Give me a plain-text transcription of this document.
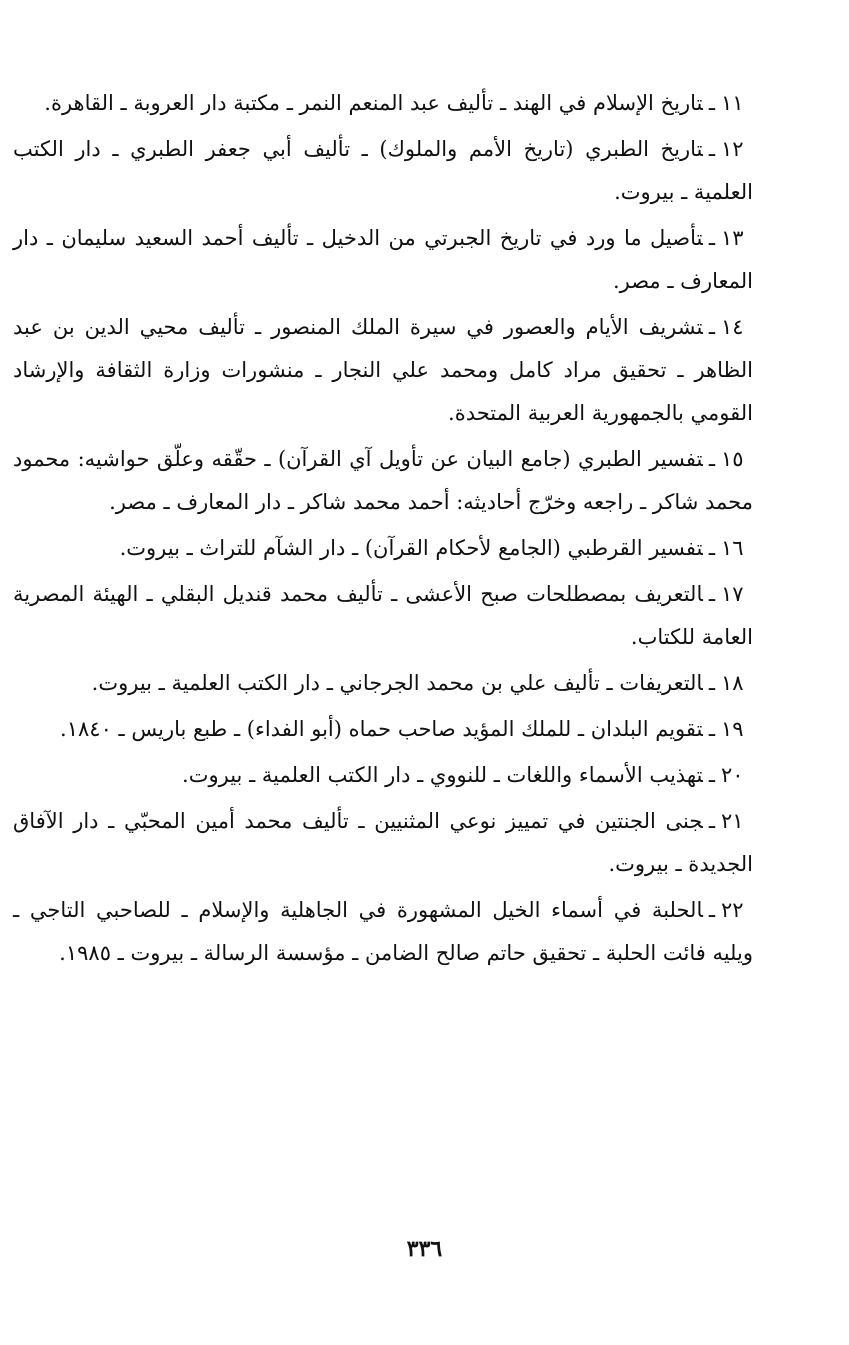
١١ـتاريخ الإسلام في الهند ـ تأليف عبد المنعم النمر ـ مكتبة دار العروبة ـ القاهرة.
١٢ـتاريخ الطبري (تاريخ الأمم والملوك) ـ تأليف أبي جعفر الطبري ـ دار الكتب العلمية ـ بيروت.
١٣ـتأصيل ما ورد في تاريخ الجبرتي من الدخيل ـ تأليف أحمد السعيد سليمان ـ دار المعارف ـ مصر.
١٤ـتشريف الأيام والعصور في سيرة الملك المنصور ـ تأليف محيي الدين بن عبد الظاهر ـ تحقيق مراد كامل ومحمد علي النجار ـ منشورات وزارة الثقافة والإرشاد القومي بالجمهورية العربية المتحدة.
١٥ـتفسير الطبري (جامع البيان عن تأويل آي القرآن) ـ حقّقه وعلّق حواشيه: محمود محمد شاكر ـ راجعه وخرّج أحاديثه: أحمد محمد شاكر ـ دار المعارف ـ مصر.
١٦ـتفسير القرطبي (الجامع لأحكام القرآن) ـ دار الشآم للتراث ـ بيروت.
١٧ـالتعريف بمصطلحات صبح الأعشى ـ تأليف محمد قنديل البقلي ـ الهيئة المصرية العامة للكتاب.
١٨ـالتعريفات ـ تأليف علي بن محمد الجرجاني ـ دار الكتب العلمية ـ بيروت.
١٩ـتقويم البلدان ـ للملك المؤيد صاحب حماه (أبو الفداء) ـ طبع باريس ـ ١٨٤٠.
٢٠ـتهذيب الأسماء واللغات ـ للنووي ـ دار الكتب العلمية ـ بيروت.
٢١ـجنى الجنتين في تمييز نوعي المثنيين ـ تأليف محمد أمين المحبّي ـ دار الآفاق الجديدة ـ بيروت.
٢٢ـالحلبة في أسماء الخيل المشهورة في الجاهلية والإسلام ـ للصاحبي التاجي ـ ويليه فائت الحلبة ـ تحقيق حاتم صالح الضامن ـ مؤسسة الرسالة ـ بيروت ـ ١٩٨٥.
٣٣٦
